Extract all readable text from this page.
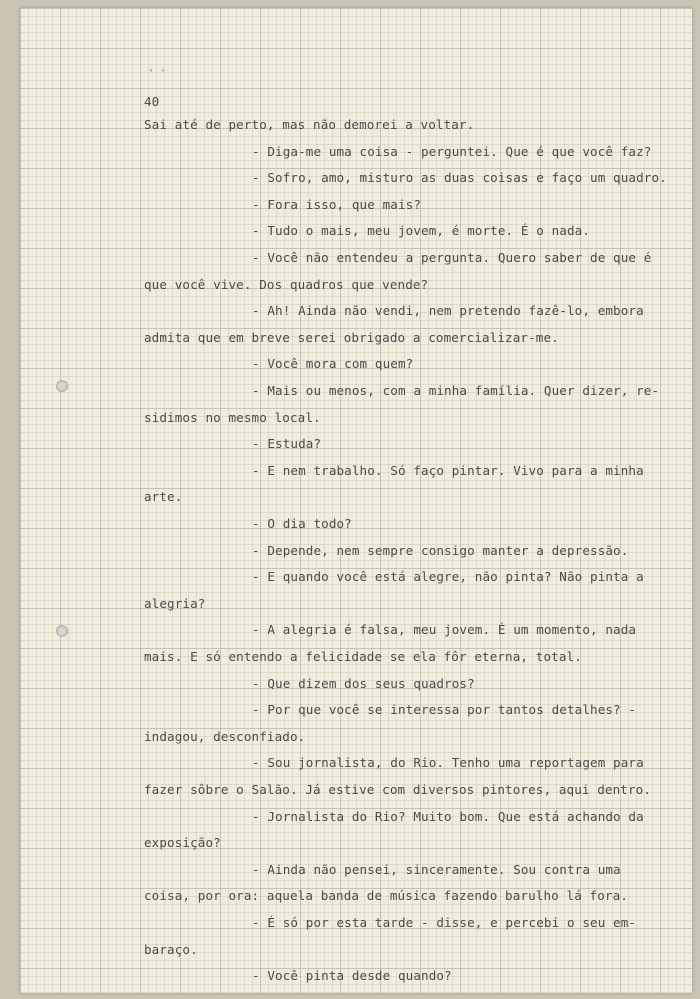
' '
40
Sai até de perto, mas não demorei a voltar.
- Diga-me uma coisa - perguntei. Que é que você faz?
- Sofro, amo, misturo as duas coisas e faço um quadro.
- Fora isso, que mais?
- Tudo o mais, meu jovem, é morte. É o nada.
- Você não entendeu a pergunta. Quero saber de que é
que você vive. Dos quadros que vende?
- Ah! Ainda não vendi, nem pretendo fazê-lo, embora
admita que em breve serei obrigado a comercializar-me.
- Você mora com quem?
- Mais ou menos, com a minha família. Quer dizer, re-
sidimos no mesmo local.
- Estuda?
- E nem trabalho. Só faço pintar. Vivo para a minha
arte.
- O dia todo?
- Depende, nem sempre consigo manter a depressão.
- E quando você está alegre, não pinta? Não pinta a
alegria?
- A alegria é falsa, meu jovem. É um momento, nada
mais. E só entendo a felicidade se ela fôr eterna, total.
- Que dizem dos seus quadros?
- Por que você se interessa por tantos detalhes? -
indagou, desconfiado.
- Sou jornalista, do Rio. Tenho uma reportagem para
fazer sôbre o Salão. Já estive com diversos pintores, aqui dentro.
- Jornalista do Rio? Muito bom. Que está achando da
exposição?
- Ainda não pensei, sinceramente. Sou contra uma
coisa, por ora: aquela banda de música fazendo barulho lá fora.
- É só por esta tarde - disse, e percebi o seu em-
baraço.
- Você pinta desde quando?
